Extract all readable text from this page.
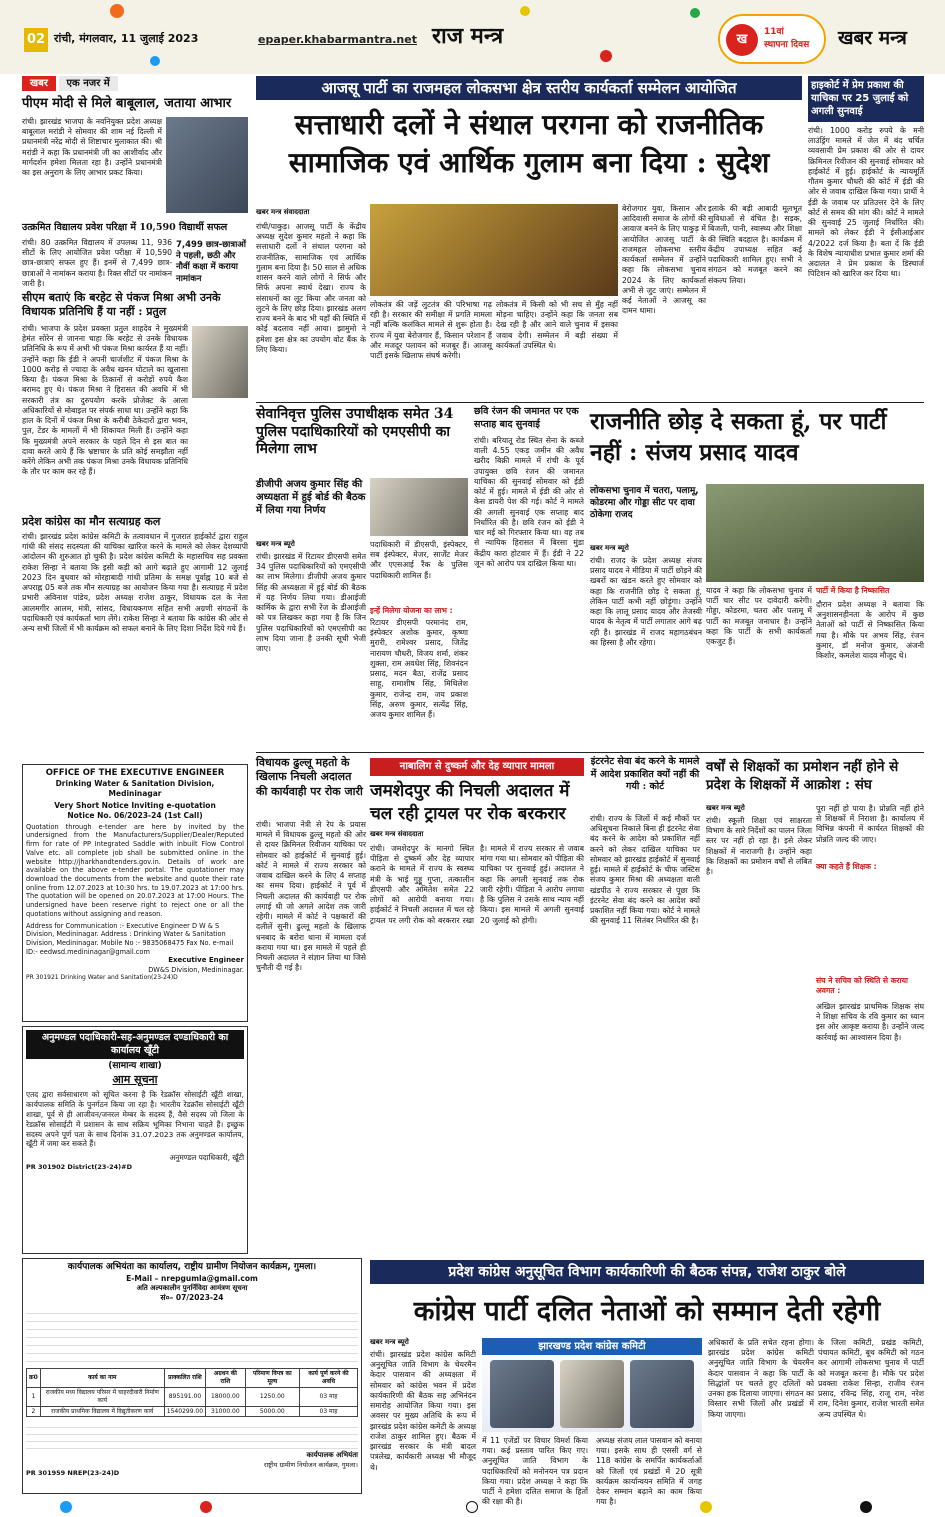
02 रांची, मंगलवार, 11 जुलाई 2023	epaper.khabarmantra.net राज मन्त्र	ख	11वां
स्थापना दिवस खबर मन्त्र
खबर एक नजर में
पीएम मोदी से मिले बाबूलाल, जताया आभार
रांची। झारखंड भाजपा के नवनियुक्त प्रदेश अध्यक्ष बाबूलाल मरांडी ने सोमवार की शाम नई दिल्ली में प्रधानमंत्री नरेंद्र मोदी से शिष्टाचार मुलाकात की। श्री मरांडी ने कहा कि प्रधानमंत्री जी का आशीर्वाद और मार्गदर्शन हमेशा मिलता रहा है। उन्होंने प्रधानमंत्री का इस अनुराग के लिए आभार प्रकट किया।
उत्क्रमित विद्यालय प्रवेश परिक्षा में 10,590 विद्यार्थी सफल
रांची। 80 उत्क्रमित विद्यालय में उपलब्ध 11, 936 सीटों के लिए आयोजित प्रवेश परीक्षा में 10,590 छात्र-छात्राएं सफल हुए हैं। इनमें से 7,499 छात्र-छात्राओं ने नामांकन कराया है। रिक्त सीटों पर नामांकन जारी है।
7,499 छात्र-छात्राओं ने पहली, छठी और नौवीं कक्षा में कराया नामांकन
सीएम बताएं कि बरहेट से पंकज मिश्रा अभी उनके विधायक प्रतिनिधि हैं या नहीं : प्रतुल
रांची। भाजपा के प्रदेश प्रवक्ता प्रतुल शाहदेव ने मुख्यमंत्री हेमंत सोरेन से जानना चाहा कि बरहेट से उनके विधायक प्रतिनिधि के रूप में अभी भी पंकज मिश्रा कार्यरत हैं या नहीं। उन्होंने कहा कि ईडी ने अपनी चार्जशीट में पंकज मिश्रा के 1000 करोड़ से ज्यादा के अवैध खनन घोटाले का खुलासा किया है। पंकज मिश्रा के ठिकानों से करोड़ों रुपये कैश बरामद हुए थे। पंकज मिश्रा ने हिरासत की अवधि में भी सरकारी तंत्र का दुरुपयोग करके प्रोजेक्ट के आला अधिकारियों से मोबाइल पर संपर्क साधा था। उन्होंने कहा कि हाल के दिनों में पंकज मिश्रा के करीबी ठेकेदारों द्वारा भवन, पुल, टेंडर के मामलों में भी शिकायत मिली हैं। उन्होंने कहा कि मुख्यमंत्री अपने सरकार के पहले दिन से इस बात का दावा करते आये हैं कि भ्रष्टाचार के प्रति कोई समझौता नहीं करेंगे लेकिन अभी तक पंकज मिश्रा उनके विधायक प्रतिनिधि के तौर पर काम कर रहे हैं।
प्रदेश कांग्रेस का मौन सत्याग्रह कल
रांची। झारखंड प्रदेश कांग्रेस कमिटी के तत्वावधान में गुजरात हाईकोर्ट द्वारा राहुल गांधी की संसद सदस्यता की याचिका खारिज करने के मामले को लेकर देशव्यापी आंदोलन की शुरुआत हो चुकी है। प्रदेश कांग्रेस कमिटी के महासचिव सह प्रवक्ता राकेश सिन्हा ने बताया कि इसी कड़ी को आगे बढ़ाते हुए आगामी 12 जुलाई 2023 दिन बुधवार को मोरहाबादी गांधी प्रतिमा के समक्ष पूर्वाह्न 10 बजे से अपराह्न 05 बजे तक मौन सत्याग्रह का आयोजन किया गया है। सत्याग्रह में प्रदेश प्रभारी अविनाश पांडेय, प्रदेश अध्यक्ष राजेश ठाकुर, विधायक दल के नेता आलमगीर आलम, मंत्री, सांसद, विधायकगण सहित सभी अग्रणी संगठनों के पदाधिकारी एवं कार्यकर्ता भाग लेंगे। राकेश सिन्हा ने बताया कि कांग्रेस की ओर से अन्य सभी जिलों में भी कार्यक्रम को सफल बनाने के लिए दिशा निर्देश दिये गये हैं।
OFFICE OF THE EXECUTIVE ENGINEER
Drinking Water & Sanitation Division,
Medininagar
Very Short Notice Inviting e-quotation
Notice No. 06/2023-24 (1st Call)
Quotation through e-tender are here by invited by the undersigned from the Manufacturers/Supplier/Dealer/Reputed firm for rate of PP Integrated Saddle with inbuilt Flow Control Valve etc. all complete job shall be submitted online in the website http://jharkhandtenders.gov.in. Details of work are available on the above e-tender portal. The quotationer may download the documents from the website and quote their rate online from 12.07.2023 at 10:30 hrs. to 19.07.2023 at 17:00 hrs. The quotation will be opened on 20.07.2023 at 17:00 Hours. The undersigned have been reserve right to reject one or all the quotations without assigning and reason.
Address for Communication :- Executive Engineer D W & S Division, Medininagar. Address : Drinking Water & Sanitation Division, Medininagar. Mobile No :- 9835068475 Fax No. e-mail ID:- eedwsd.medininagar@gmail.com
Executive Engineer
DW&S Division, Medininagar.
PR 301921 Drinking Water and Sanitation(23-24)D
अनुमण्डल पदाधिकारी-सह-अनुमण्डल दण्डाधिकारी का कार्यालय खूँटी
(सामान्य शाखा)
आम सूचना
एतद द्वारा सर्वसाधारण को सूचित करना है कि रेडक्रॉस सोसाईटी खूँटी शाखा, कार्यपालक समिति के पुनर्गठन किया जा रहा है। भारतीय रेडक्रॉस सोसाईटी खूँटी शाखा, पूर्व से ही आजीवन/जनरल मेम्बर के सदस्य हैं, वैसे सदस्य जो जिला के रेडक्रॉस सोसाईटी में प्रशासन के साथ सक्रिय भूमिका निभाना चाहते हैं। इच्छुक सदस्य अपने पूर्ण पता के साथ दिनांक 31.07.2023 तक अनुमण्डल कार्यालय, खूँटी में जमा कर सकते हैं।
अनुमण्डल पदाधिकारी, खूँटी
PR 301902 District(23-24)#D
कार्यपालक अभियंता का कार्यालय, राष्ट्रीय ग्रामीण नियोजन कार्यक्रम, गुमला।
E-Mail – nrepgumla@gmail.com
अति अल्पकालीन पुनर्निविदा आमंत्रण सूचना
सं०– 07/2023-24
क्र0	कार्य का नाम	प्राक्कलित राशि	अग्रधन की राशि	परिमाण विपत्र का मूल्य	कार्य पूर्ण करने की अवधि
1	राजकीय मध्य विद्यालय परिसर में चाहरदीवारी निर्माण कार्य	895191.00	18000.00	1250.00	03 माह
2	राजकीय प्राथमिक विद्यालय में विद्युतीकरण कार्य	1540299.00	31000.00	5000.00	03 माह
कार्यपालक अभियंता
राष्ट्रीय ग्रामीण नियोजन कार्यक्रम, गुमला।
PR 301959 NREP(23-24)D
आजसू पार्टी का राजमहल लोकसभा क्षेत्र स्तरीय कार्यकर्ता सम्मेलन आयोजित
सत्ताधारी दलों ने संथाल परगना को राजनीतिक सामाजिक एवं आर्थिक गुलाम बना दिया : सुदेश
खबर मन्त्र संवाददाता
रांची/पाकुड़। आजसू पार्टी के केंद्रीय अध्यक्ष सुदेश कुमार महतो ने कहा कि सत्ताधारी दलों ने संथाल परगना को राजनीतिक, सामाजिक एवं आर्थिक गुलाम बना दिया है। 50 साल से अधिक शासन करने वाले लोगों ने सिर्फ और सिर्फ अपना स्वार्थ देखा। राज्य के संसाधनों का लूट किया और जनता को लुटने के लिए छोड़ दिया। झारखंड अलग राज्य बनने के बाद भी यहाँ की स्थिति में कोई बदलाव नहीं आया। झामुमो ने हमेशा इस क्षेत्र का उपयोग वोट बैंक के लिए किया।
लोकतंत्र की जड़ें लुटतंत्र की परिभाषा गढ़ रही है। सरकार की समीक्षा में प्रगति मामला नहीं बल्कि कलंकित मामले से शुरू होता है। राज्य में युवा बेरोजगार हैं, किसान परेशान हैं और मजदूर पलायन को मजबूर हैं। आजसू पार्टी इसके खिलाफ संघर्ष करेगी।
लोकतंत्र में किसी को भी सच से मुँह नहीं मोड़ना चाहिए। उन्होंने कहा कि जनता सब देख रही है और आने वाले चुनाव में इसका जवाब देगी। सम्मेलन में बड़ी संख्या में कार्यकर्ता उपस्थित थे।
बेरोजगार युवा, किसान और आदिवासी समाज के लोगों की आवाज बनने के लिए पाकुड़ में आयोजित आजसू पार्टी के राजमहल लोकसभा स्तरीय कार्यकर्ता सम्मेलन में उन्होंने कहा कि लोकसभा चुनाव 2024 के लिए कार्यकर्ता अभी से जुट जाएं। सम्मेलन में कई नेताओं ने आजसू का दामन थामा।
इलाके की बड़ी आबादी मूलभूत सुविधाओं से वंचित है। सड़क, बिजली, पानी, स्वास्थ्य और शिक्षा की स्थिति बदहाल है। कार्यक्रम में केंद्रीय उपाध्यक्ष सहित कई पदाधिकारी शामिल हुए। सभी ने संगठन को मजबूत करने का संकल्प लिया।
हाइकोर्ट में प्रेम प्रकाश की याचिका पर 25 जुलाई को अगली सुनवाई
रांची। 1000 करोड़ रुपये के मनी लाउंड्रिंग मामले में जेल में बंद चर्चित व्यवसायी प्रेम प्रकाश की ओर से दायर क्रिमिनल रिवीजन की सुनवाई सोमवार को हाईकोर्ट में हुई। हाईकोर्ट के न्यायमूर्ति गौतम कुमार चौधरी की कोर्ट में ईडी की ओर से जवाब दाखिल किया गया। प्रार्थी ने ईडी के जवाब पर प्रतिउत्तर देने के लिए कोर्ट से समय की मांग की। कोर्ट ने मामले की सुनवाई 25 जुलाई निर्धारित की। मामले को लेकर ईडी ने ईसीआईआर 4/2022 दर्ज किया है। बता दें कि ईडी के विशेष न्यायाधीश प्रभात कुमार शर्मा की अदालत ने प्रेम प्रकाश के डिस्चार्ज पिटिशन को खारिज कर दिया था।
सेवानिवृत्त पुलिस उपाधीक्षक समेत 34 पुलिस पदाधिकारियों को एमएसीपी का मिलेगा लाभ
डीजीपी अजय कुमार सिंह की अध्यक्षता में हुई बोर्ड की बैठक में लिया गया निर्णय
खबर मन्त्र ब्यूरो
रांची। झारखंड में रिटायर डीएसपी समेत 34 पुलिस पदाधिकारियों को एमएसीपी का लाभ मिलेगा। डीजीपी अजय कुमार सिंह की अध्यक्षता में हुई बोर्ड की बैठक में यह निर्णय लिया गया। डीआईजी कार्मिक के द्वारा सभी रेंज के डीआईजी को पत्र लिखकर कहा गया है कि जिन पुलिस पदाधिकारियों को एमएसीपी का लाभ दिया जाना है उनकी सूची भेजी जाए।
पदाधिकारी में डीएसपी, इंस्पेक्टर, सब इंस्पेक्टर, मेजर, सार्जेंट मेजर और एएसआई रैंक के पुलिस पदाधिकारी शामिल हैं।
इन्हें मिलेगा योजना का लाभ :
रिटायर डीएसपी परमानंद राम, इंस्पेक्टर अशोक कुमार, कृष्णा मुरारी, रामेश्वर प्रसाद, जितेंद्र नारायण चौधरी, विजय शर्मा, शंकर शुक्ला, राम अवधेश सिंह, शिवनंदन प्रसाद, मदन बैठा, राजेंद्र प्रसाद साहू, रामाशीष सिंह, मिथिलेश कुमार, राजेन्द्र राम, जय प्रकाश सिंह, अरुण कुमार, सत्येंद्र सिंह, अजय कुमार शामिल हैं।
छवि रंजन की जमानत पर एक सप्ताह बाद सुनवाई
रांची। बरियातू रोड स्थित सेना के कब्जे वाली 4.55 एकड़ जमीन की अवैध खरीद बिक्री मामले में रांची के पूर्व उपायुक्त छवि रंजन की जमानत याचिका की सुनवाई सोमवार को ईडी कोर्ट में हुई। मामले में ईडी की ओर से केस डायरी पेश की गई। कोर्ट ने मामले की अगली सुनवाई एक सप्ताह बाद निर्धारित की है। छवि रंजन को ईडी ने चार मई को गिरफ्तार किया था। वह तब से न्यायिक हिरासत में बिरसा मुंडा केंद्रीय कारा होटवार में हैं। ईडी ने 22 जून को आरोप पत्र दाखिल किया था।
राजनीति छोड़ दे सकता हूं, पर पार्टी नहीं : संजय प्रसाद यादव
लोकसभा चुनाव में चतरा, पलामू, कोडरमा और गोड्डा सीट पर दावा ठोकेगा राजद
खबर मन्त्र ब्यूरो
रांची। राजद के प्रदेश अध्यक्ष संजय प्रसाद यादव ने मीडिया में पार्टी छोड़ने की खबरों का खंडन करते हुए सोमवार को कहा कि राजनीति छोड़ दे सकता हूं, लेकिन पार्टी कभी नहीं छोड़ूंगा। उन्होंने कहा कि लालू प्रसाद यादव और तेजस्वी यादव के नेतृत्व में पार्टी लगातार आगे बढ़ रही है। झारखंड में राजद महागठबंधन का हिस्सा है और रहेगा।
यादव ने कहा कि लोकसभा चुनाव में पार्टी चार सीट पर दावेदारी करेगी। गोड्डा, कोडरमा, चतरा और पलामू में पार्टी का मजबूत जनाधार है। उन्होंने कहा कि पार्टी के सभी कार्यकर्ता एकजुट हैं।
पार्टी में किया है निष्कासित
दौरान प्रदेश अध्यक्ष ने बताया कि अनुशासनहीनता के आरोप में कुछ नेताओं को पार्टी से निष्कासित किया गया है। मौके पर अभय सिंह, रंजन कुमार, डॉ मनोज कुमार, अंजनी किशोर, कमलेश यादव मौजूद थे।
विधायक ढुल्लू महतो के खिलाफ निचली अदालत की कार्यवाही पर रोक जारी
रांची। भाजपा नेत्री से रेप के प्रयास मामले में विधायक ढुल्लू महतो की ओर से दायर क्रिमिनल रिवीजन याचिका पर सोमवार को हाईकोर्ट में सुनवाई हुई। कोर्ट ने मामले में राज्य सरकार को जवाब दाखिल करने के लिए 4 सप्ताह का समय दिया। हाईकोर्ट ने पूर्व में निचली अदालत की कार्यवाही पर रोक लगाई थी जो अगले आदेश तक जारी रहेगी। मामले में कोर्ट ने पक्षकारों की दलीलें सुनी। ढुल्लू महतो के खिलाफ धनबाद के बरोरा थाना में मामला दर्ज कराया गया था। इस मामले में पहले ही निचली अदालत ने संज्ञान लिया था जिसे चुनौती दी गई है।
नाबालिग से दुष्कर्म और देह व्यापार मामला
जमशेदपुर की निचली अदालत में चल रही ट्रायल पर रोक बरकरार
खबर मन्त्र संवाददाता
रांची। जमशेदपुर के मानगो स्थित पीड़िता से दुष्कर्म और देह व्यापार कराने के मामले में राज्य के स्वस्थ्य मंत्री के भाई गुड्डू गुप्ता, तत्कालीन डीएसपी और अमितेश समेत 22 लोगों को आरोपी बनाया गया। हाईकोर्ट ने निचली अदालत में चल रहे ट्रायल पर लगी रोक को बरकरार रखा है। मामले में राज्य सरकार से जवाब मांगा गया था। सोमवार को पीड़िता की याचिका पर सुनवाई हुई। अदालत ने कहा कि अगली सुनवाई तक रोक जारी रहेगी। पीड़िता ने आरोप लगाया है कि पुलिस ने उसके साथ न्याय नहीं किया। इस मामले में अगली सुनवाई 20 जुलाई को होगी।
इंटरनेट सेवा बंद करने के मामले में आदेश प्रकाशित क्यों नहीं की गयी : कोर्ट
रांची। राज्य के जिलों में कई मौकों पर अधिसूचना निकाले बिना ही इंटरनेट सेवा बंद करने के आदेश को प्रकाशित नहीं करने को लेकर दाखिल याचिका पर सोमवार को झारखंड हाईकोर्ट में सुनवाई हुई। मामले में हाईकोर्ट के चीफ जस्टिस संजय कुमार मिश्रा की अध्यक्षता वाली खंडपीठ ने राज्य सरकार से पूछा कि इंटरनेट सेवा बंद करने का आदेश क्यों प्रकाशित नहीं किया गया। कोर्ट ने मामले की सुनवाई 11 सितंबर निर्धारित की है।
वर्षों से शिक्षकों का प्रमोशन नहीं होने से प्रदेश के शिक्षकों में आक्रोश : संघ
खबर मन्त्र ब्यूरो
रांची। स्कूली शिक्षा एवं साक्षरता विभाग के सारे निर्देशों का पालन जिला स्तर पर नहीं हो रहा है। इसे लेकर शिक्षकों में नाराजगी है। उन्होंने कहा कि शिक्षकों का प्रमोशन वर्षों से लंबित है।
पूरा नहीं हो पाया है। प्रोन्नति नहीं होने से शिक्षकों में निराशा है। कार्यालय में विभिन्न कंपनी में कार्यरत शिक्षकों की प्रोन्नति जल्द की जाए।
क्या कहते हैं शिक्षक :
संघ ने सचिव को स्थिति से कराया अवगत :
अखिल झारखंड प्राथमिक शिक्षक संघ ने शिक्षा सचिव के रवि कुमार का ध्यान इस ओर आकृष्ट कराया है। उन्होंने जल्द कार्रवाई का आश्वासन दिया है।
प्रदेश कांग्रेस अनुसूचित विभाग कार्यकारिणी की बैठक संपन्न, राजेश ठाकुर बोले
कांग्रेस पार्टी दलित नेताओं को सम्मान देती रहेगी
खबर मन्त्र ब्यूरो
रांची। झारखंड प्रदेश कांग्रेस कमिटी अनुसूचित जाति विभाग के चेयरमैन केदार पासवान की अध्यक्षता में सोमवार को कांग्रेस भवन में प्रदेश कार्यकारिणी की बैठक सह अभिनंदन समारोह आयोजित किया गया। इस अवसर पर मुख्य अतिथि के रूप में झारखंड प्रदेश कांग्रेस कमेटी के अध्यक्ष राजेश ठाकुर शामिल हुए। बैठक में झारखंड सरकार के मंत्री बादल पत्रलेख, कार्यकारी अध्यक्ष भी मौजूद थे।
झारखण्ड प्रदेश कांग्रेस कमिटी
में 11 एजेंडों पर विचार विमर्श किया गया। कई प्रस्ताव पारित किए गए। अनुसूचित जाति विभाग के पदाधिकारियों को मनोनयन पत्र प्रदान किया गया। प्रदेश अध्यक्ष ने कहा कि पार्टी ने हमेशा दलित समाज के हितों की रक्षा की है।
अध्यक्ष संजय लाल पासवान को बनाया गया। इसके साथ ही एससी वर्ग से 118 कांग्रेस के समर्पित कार्यकर्ताओं को जिलों एवं प्रखंडों में 20 सूत्री कार्यक्रम कार्यान्वयन समिति में जगह देकर सम्मान बढ़ाने का काम किया गया है।
अधिकारों के प्रति सचेत रहना होगा। झारखंड प्रदेश कांग्रेस कमिटी अनुसूचित जाति विभाग के चेयरमैन केदार पासवान ने कहा कि पार्टी के सिद्धांतों पर चलते हुए दलितों को उनका हक दिलाया जाएगा। संगठन का विस्तार सभी जिलों और प्रखंडों में किया जाएगा।
के जिला कमिटी, प्रखंड कमिटी, पंचायत कमिटी, बूथ कमिटी को गठन कर आगामी लोकसभा चुनाव में पार्टी को मजबूत करना है। मौके पर प्रदेश प्रवक्ता राकेश सिन्हा, राजीव रंजन प्रसाद, रविन्द्र सिंह, राजू राम, नरेश राम, दिनेश कुमार, राजेश भारती समेत अन्य उपस्थित थे।
